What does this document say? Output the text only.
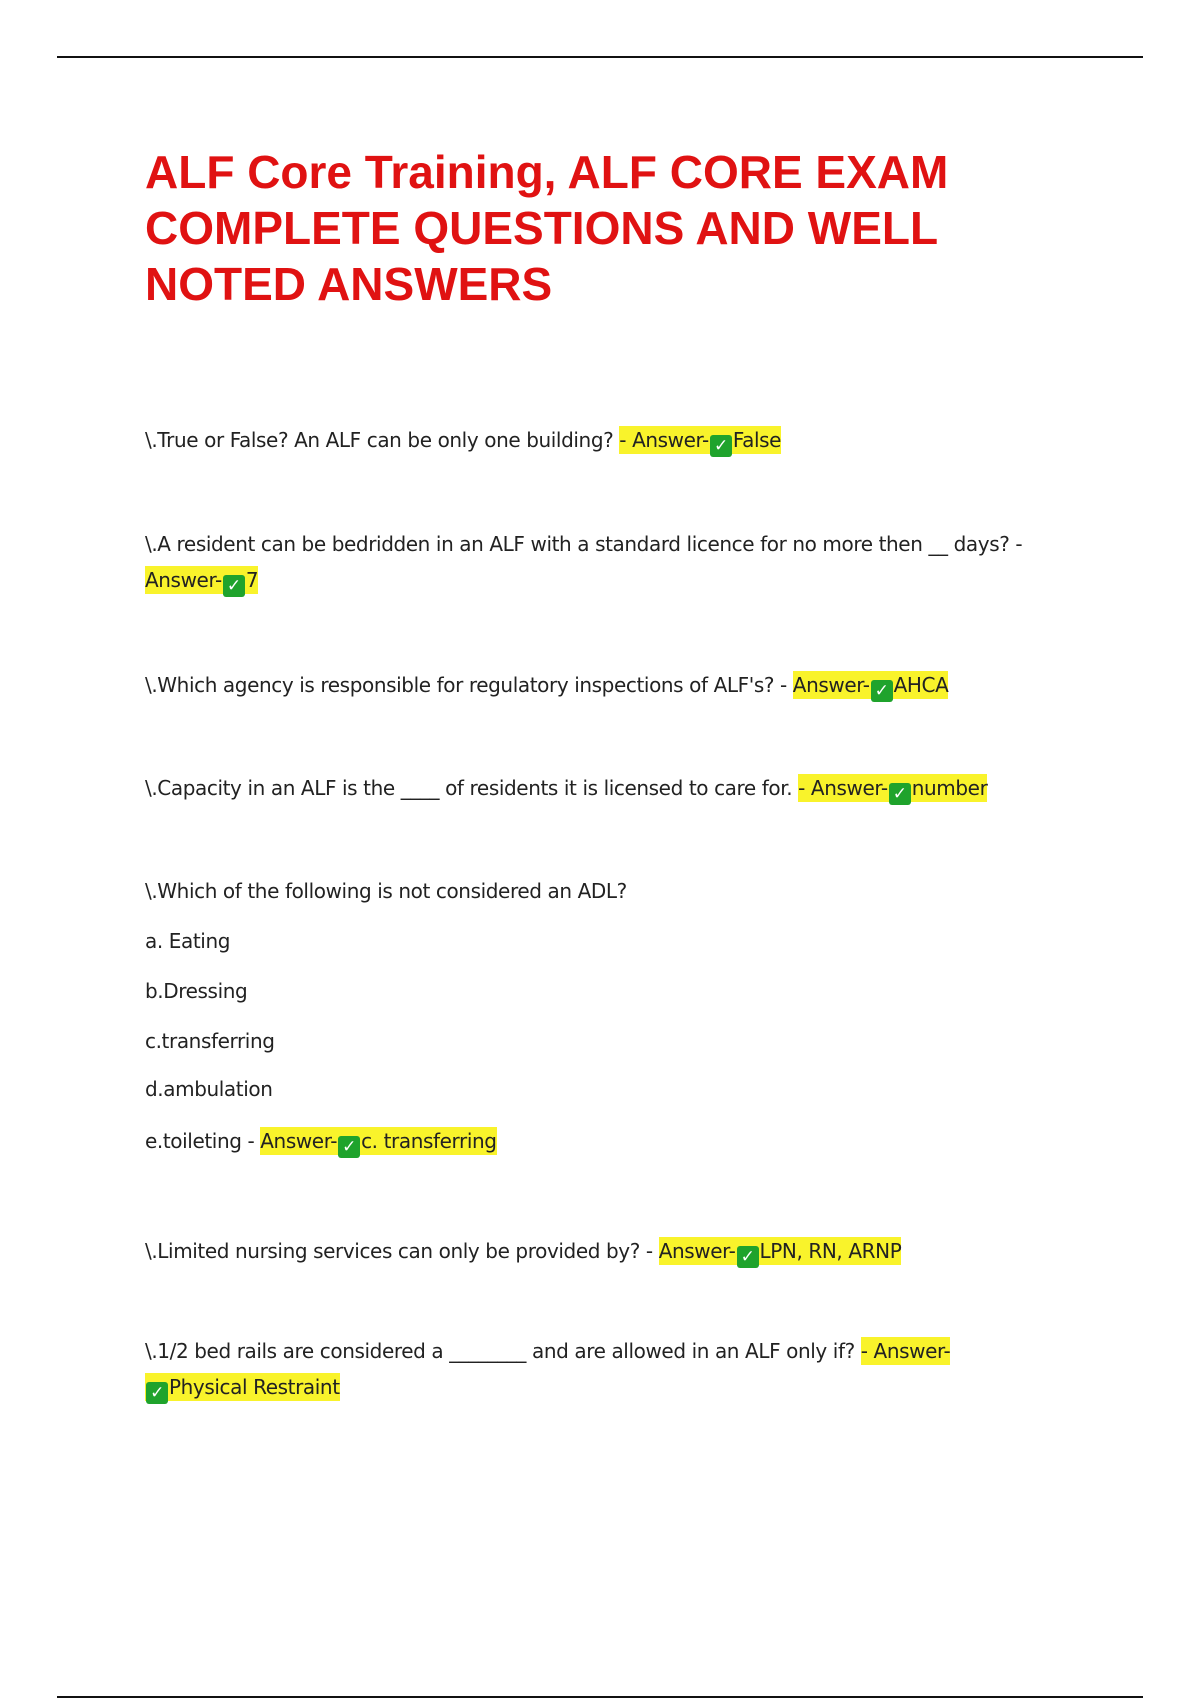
ALF Core Training, ALF CORE EXAM
COMPLETE QUESTIONS AND WELL
NOTED ANSWERS

\.True or False? An ALF can be only one building? - Answer- ✓ False

\.A resident can be bedridden in an ALF with a standard licence for no more then __ days? -
Answer- ✓ 7

\.Which agency is responsible for regulatory inspections of ALF's? - Answer- ✓ AHCA

\.Capacity in an ALF is the ____ of residents it is licensed to care for. - Answer- ✓ number

\.Which of the following is not considered an ADL?
a. Eating
b.Dressing
c.transferring
d.ambulation
e.toileting - Answer- ✓ c. transferring

\.Limited nursing services can only be provided by? - Answer- ✓ LPN, RN, ARNP

\.1/2 bed rails are considered a ________ and are allowed in an ALF only if? - Answer-
✓ Physical Restraint
